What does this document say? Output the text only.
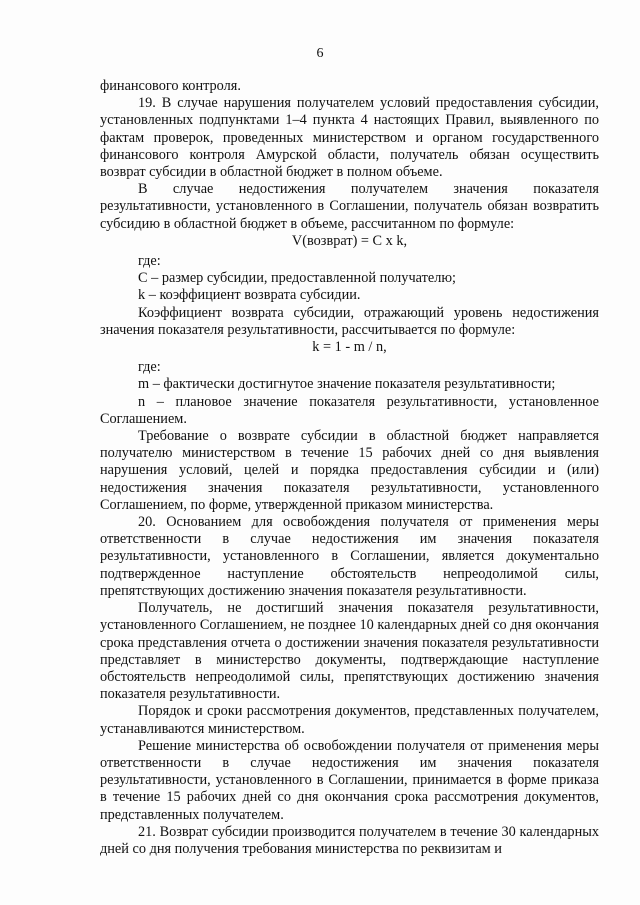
6

финансового контроля.

19. В случае нарушения получателем условий предоставления субсидии, установленных подпунктами 1–4 пункта 4 настоящих Правил, выявленного по фактам проверок, проведенных министерством и органом государственного финансового контроля Амурской области, получатель обязан осуществить возврат субсидии в областной бюджет в полном объеме.

В случае недостижения получателем значения показателя результативности, установленного в Соглашении, получатель обязан возвратить субсидию в областной бюджет в объеме, рассчитанном по формуле:

V(возврат) = C x k,

где:

C – размер субсидии, предоставленной получателю;

k – коэффициент возврата субсидии.

Коэффициент возврата субсидии, отражающий уровень недостижения значения показателя результативности, рассчитывается по формуле:

k = 1 - m / n,

где:

m – фактически достигнутое значение показателя результативности;

n – плановое значение показателя результативности, установленное Соглашением.

Требование о возврате субсидии в областной бюджет направляется получателю министерством в течение 15 рабочих дней со дня выявления нарушения условий, целей и порядка предоставления субсидии и (или) недостижения значения показателя результативности, установленного Соглашением, по форме, утвержденной приказом министерства.

20. Основанием для освобождения получателя от применения меры ответственности в случае недостижения им значения показателя результативности, установленного в Соглашении, является документально подтвержденное наступление обстоятельств непреодолимой силы, препятствующих достижению значения показателя результативности.

Получатель, не достигший значения показателя результативности, установленного Соглашением, не позднее 10 календарных дней со дня окончания срока представления отчета о достижении значения показателя результативности представляет в министерство документы, подтверждающие наступление обстоятельств непреодолимой силы, препятствующих достижению значения показателя результативности.

Порядок и сроки рассмотрения документов, представленных получателем, устанавливаются министерством.

Решение министерства об освобождении получателя от применения меры ответственности в случае недостижения им значения показателя результативности, установленного в Соглашении, принимается в форме приказа в течение 15 рабочих дней со дня окончания срока рассмотрения документов, представленных получателем.

21. Возврат субсидии производится получателем в течение 30 календарных дней со дня получения требования министерства по реквизитам и
